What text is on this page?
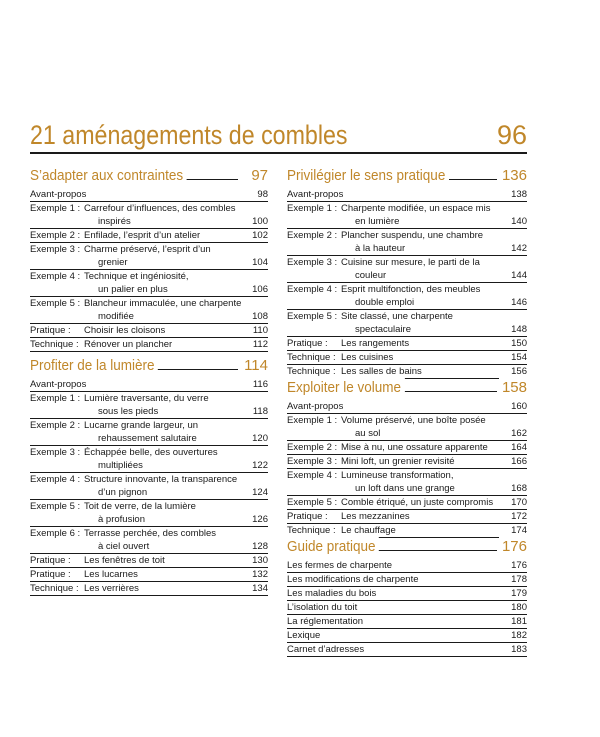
21 aménagements de combles	96
S’adapter aux contraintes	97
Avant-propos	98
Exemple 1 : Carrefour d’influences, des combles
inspirés	100
Exemple 2 : Enfilade, l’esprit d’un atelier	102
Exemple 3 : Charme préservé, l’esprit d’un
grenier	104
Exemple 4 : Technique et ingéniosité,
un palier en plus	106
Exemple 5 : Blancheur immaculée, une charpente
modifiée	108
Pratique : Choisir les cloisons	110
Technique : Rénover un plancher	112
Profiter de la lumière	114
Avant-propos	116
Exemple 1 : Lumière traversante, du verre
sous les pieds	118
Exemple 2 : Lucarne grande largeur, un
rehaussement salutaire	120
Exemple 3 : Échappée belle, des ouvertures
multipliées	122
Exemple 4 : Structure innovante, la transparence
d’un pignon	124
Exemple 5 : Toit de verre, de la lumière
à profusion	126
Exemple 6 : Terrasse perchée, des combles
à ciel ouvert	128
Pratique : Les fenêtres de toit	130
Pratique : Les lucarnes	132
Technique : Les verrières	134
Privilégier le sens pratique	136
Avant-propos	138
Exemple 1 : Charpente modifiée, un espace mis
en lumière	140
Exemple 2 : Plancher suspendu, une chambre
à la hauteur	142
Exemple 3 : Cuisine sur mesure, le parti de la
couleur	144
Exemple 4 : Esprit multifonction, des meubles
double emploi	146
Exemple 5 : Site classé, une charpente
spectaculaire	148
Pratique : Les rangements	150
Technique : Les cuisines	154
Technique : Les salles de bains	156
Exploiter le volume	158
Avant-propos	160
Exemple 1 : Volume préservé, une boîte posée
au sol	162
Exemple 2 : Mise à nu, une ossature apparente 164
Exemple 3 : Mini loft, un grenier revisité	166
Exemple 4 : Lumineuse transformation,
un loft dans une grange	168
Exemple 5 : Comble étriqué, un juste compromis 170
Pratique : Les mezzanines	172
Technique : Le chauffage	174
Guide pratique	176
Les fermes de charpente	176
Les modifications de charpente	178
Les maladies du bois	179
L’isolation du toit	180
La réglementation	181
Lexique	182
Carnet d’adresses	183
